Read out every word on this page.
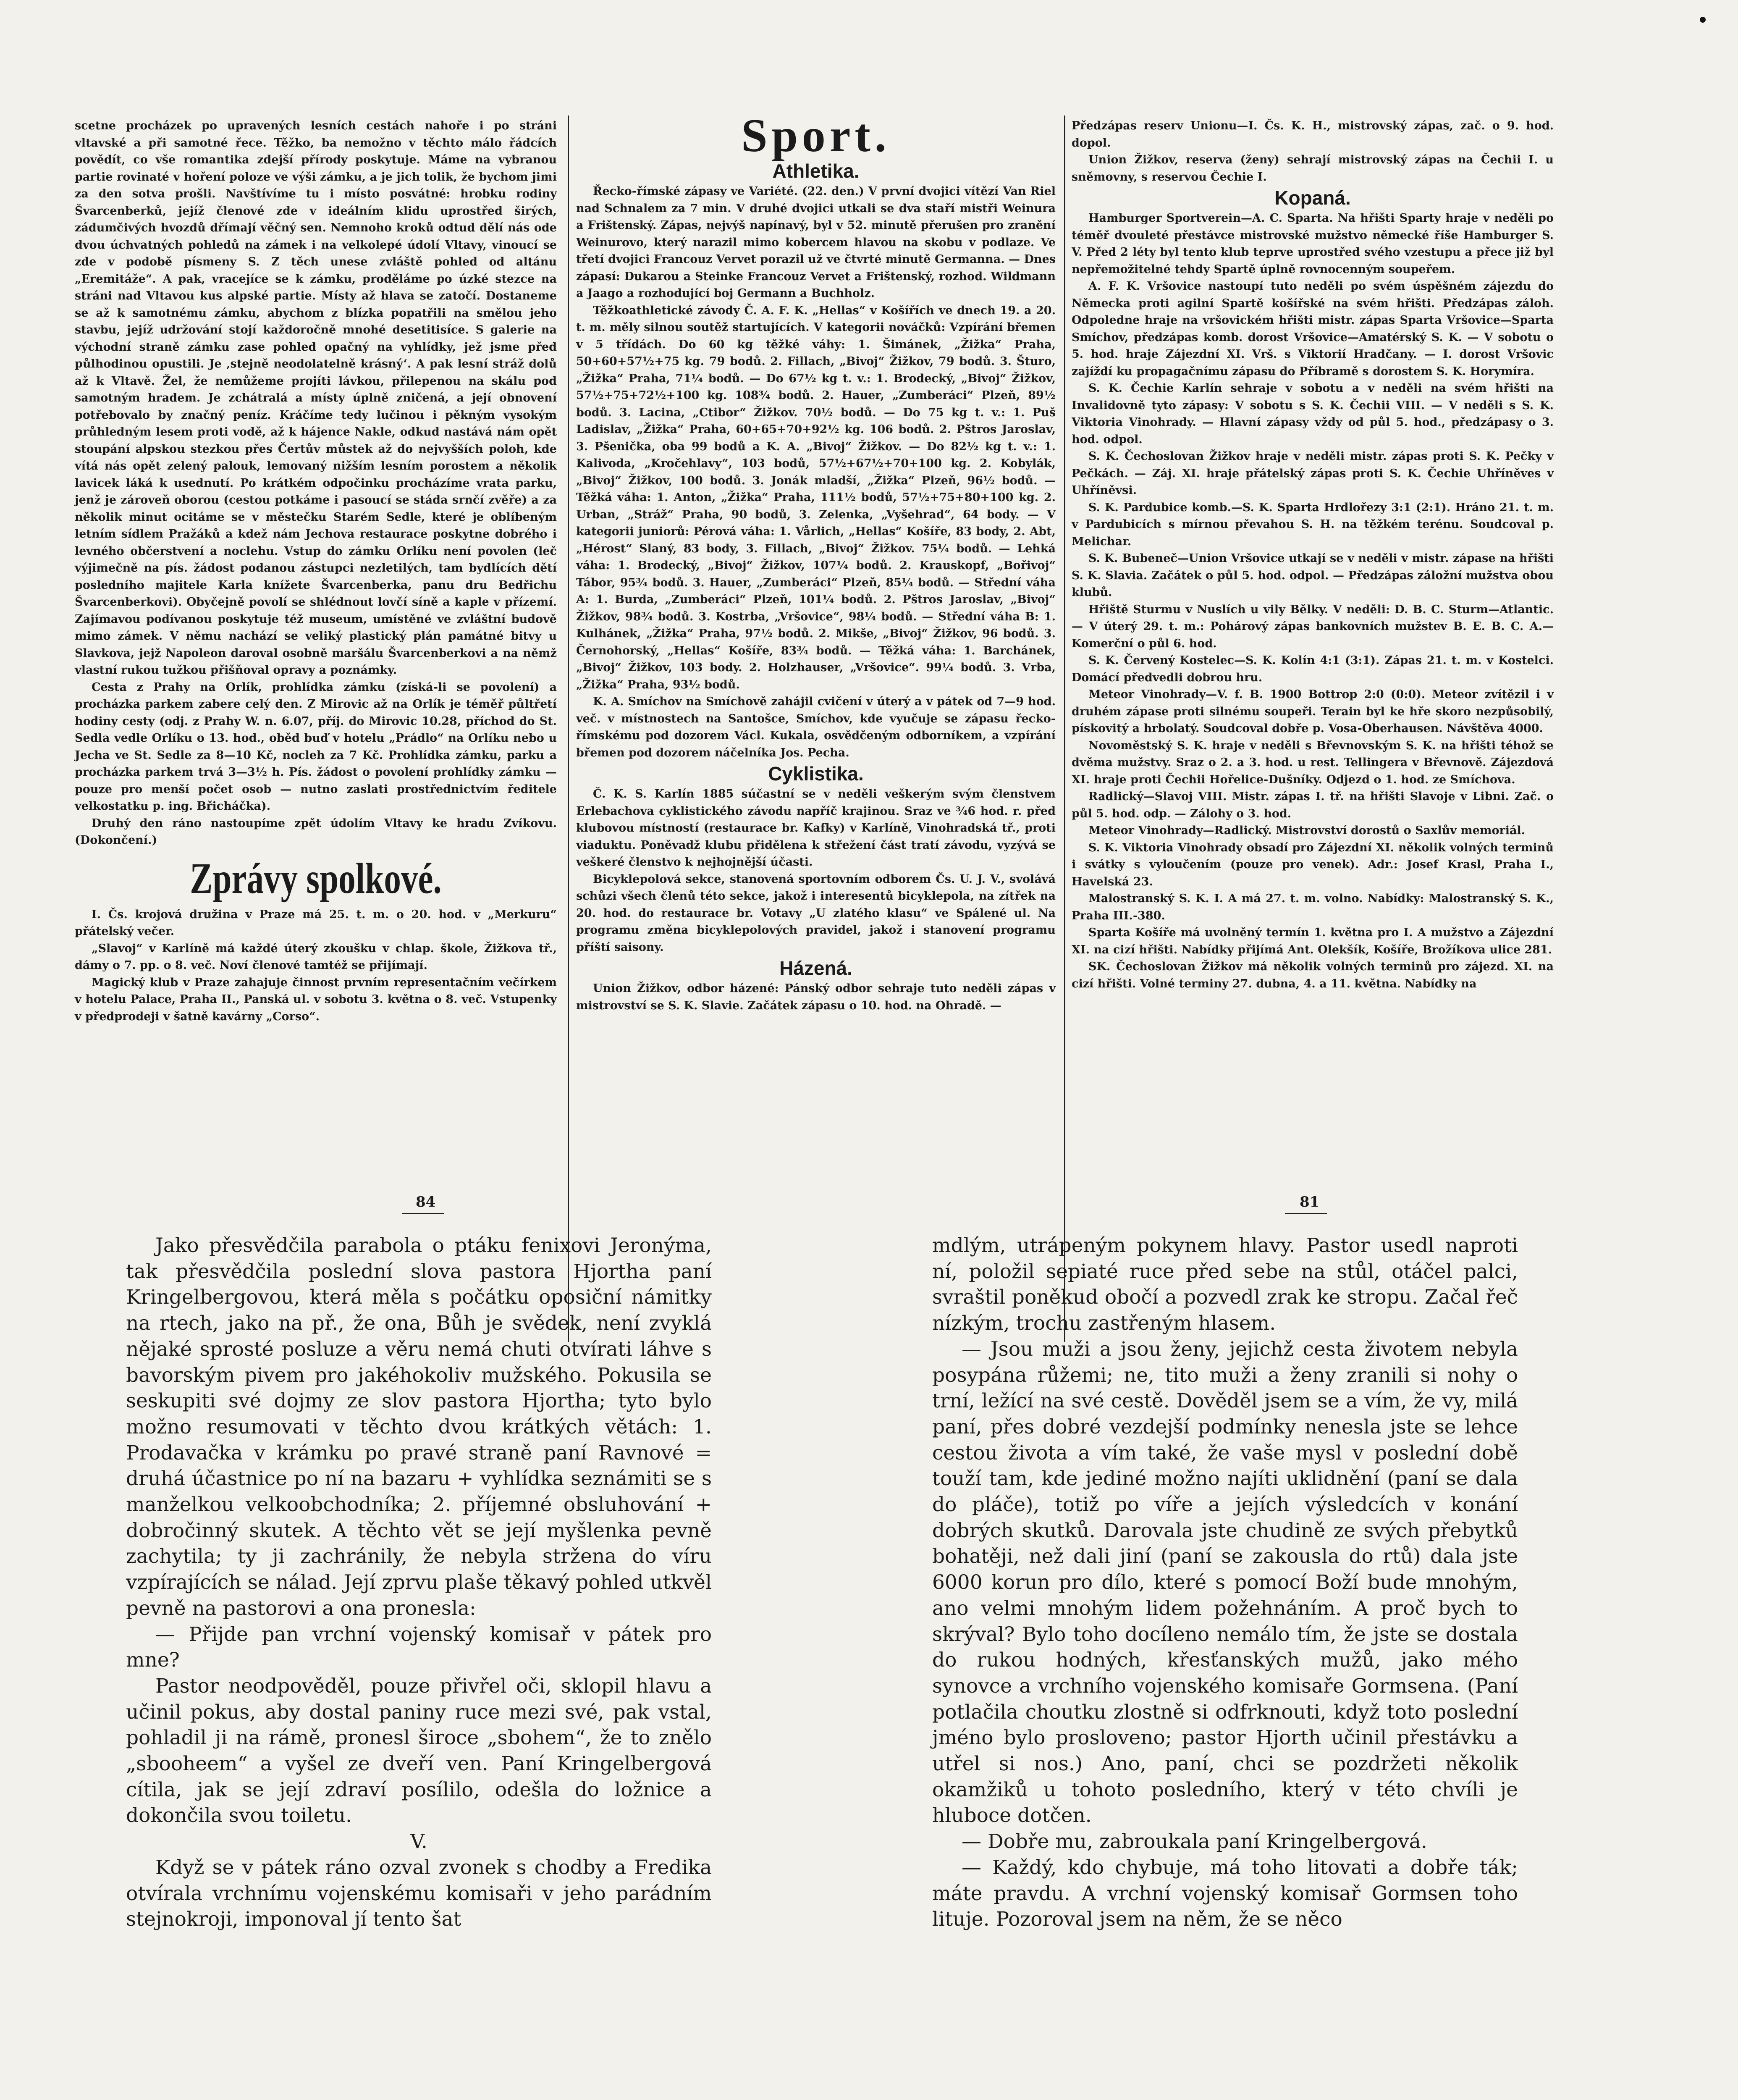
scetne procházek po upravených lesních cestách nahoře i po stráni vltavské a při samotné řece. Těžko, ba nemožno v těchto málo řádcích povědít, co vše romantika zdejší přírody poskytuje. Máme na vybranou partie rovinaté v hoření poloze ve výši zámku, a je jich tolik, že bychom jimi za den sotva prošli. Navštívíme tu i místo posvátné: hrobku rodiny Švarcenberků, jejíž členové zde v ideálním klidu uprostřed širých, zádumčivých hvozdů dřímají věčný sen. Nemnoho kroků odtud dělí nás ode dvou úchvatných pohledů na zámek i na velkolepé údolí Vltavy, vinoucí se zde v podobě písmeny S. Z těch unese zvláště pohled od altánu „Eremitáže“. A pak, vracejíce se k zámku, proděláme po úzké stezce na stráni nad Vltavou kus alpské partie. Místy až hlava se zatočí. Dostaneme se až k samotnému zámku, abychom z blízka popatřili na smělou jeho stavbu, jejíž udržování stojí každoročně mnohé desetitisíce. S galerie na východní straně zámku zase pohled opačný na vyhlídky, jež jsme před půlhodinou opustili. Je ‚stejně neodolatelně krásný‘. A pak lesní stráž dolů až k Vltavě. Žel, že nemůžeme projíti lávkou, přilepenou na skálu pod samotným hradem. Je zchátralá a místy úplně zničená, a její obnovení potřebovalo by značný peníz. Kráčíme tedy lučinou i pěkným vysokým průhledným lesem proti vodě, až k hájence Nakle, odkud nastává nám opět stoupání alpskou stezkou přes Čertův můstek až do nejvyšších poloh, kde vítá nás opět zelený palouk, lemovaný nižším lesním porostem a několik lavicek láká k usednutí. Po krátkém odpočinku procházíme vrata parku, jenž je zároveň oborou (cestou potkáme i pasoucí se stáda srnčí zvěře) a za několik minut ocitáme se v městečku Starém Sedle, které je oblíbeným letním sídlem Pražáků a kdež nám Jechova restaurace poskytne dobrého i levného občerstvení a noclehu. Vstup do zámku Orlíku není povolen (leč výjimečně na pís. žádost podanou zástupci nezletilých, tam bydlících dětí posledního majitele Karla knížete Švarcenberka, panu dru Bedřichu Švarcenberkovi). Obyčejně povolí se shlédnout lovčí síně a kaple v přízemí. Zajímavou podívanou poskytuje též museum, umístěné ve zvláštní budově mimo zámek. V němu nachází se veliký plastický plán památné bitvy u Slavkova, jejž Napoleon daroval osobně maršálu Švarcenberkovi a na němž vlastní rukou tužkou přišňoval opravy a poznámky.

Cesta z Prahy na Orlík, prohlídka zámku (získá-li se povolení) a procházka parkem zabere celý den. Z Mirovic až na Orlík je téměř půltřetí hodiny cesty (odj. z Prahy W. n. 6.07, příj. do Mirovic 10.28, příchod do St. Sedla vedle Orlíku o 13. hod., oběd buď v hotelu „Prádlo“ na Orlíku nebo u Jecha ve St. Sedle za 8—10 Kč, nocleh za 7 Kč. Prohlídka zámku, parku a procházka parkem trvá 3—3½ h. Pís. žádost o povolení prohlídky zámku — pouze pro menší počet osob — nutno zaslati prostřednictvím ředitele velkostatku p. ing. Břicháčka).

Druhý den ráno nastoupíme zpět údolím Vltavy ke hradu Zvíkovu. (Dokončení.)

Zprávy spolkové.

I. Čs. krojová družina v Praze má 25. t. m. o 20. hod. v „Merkuru“ přátelský večer.

„Slavoj“ v Karlíně má každé úterý zkoušku v chlap. škole, Žižkova tř., dámy o 7. pp. o 8. več. Noví členové tamtéž se přijímají.

Magický klub v Praze zahajuje činnost prvním representačním večírkem v hotelu Palace, Praha II., Panská ul. v sobotu 3. května o 8. več. Vstupenky v předprodeji v šatně kavárny „Corso“.

Sport.
Athletika.

Řecko-římské zápasy ve Variété. (22. den.) V první dvojici vítězí Van Riel nad Schnalem za 7 min. V druhé dvojici utkali se dva staří mistři Weinura a Frištenský. Zápas, nejvýš napínavý, byl v 52. minutě přerušen pro zranění Weinurovo, který narazil mimo kobercem hlavou na skobu v podlaze. Ve třetí dvojici Francouz Vervet porazil už ve čtvrté minutě Germanna. — Dnes zápasí: Dukarou a Steinke Francouz Vervet a Frištenský, rozhod. Wildmann a Jaago a rozhodující boj Germann a Buchholz.

Těžkoathletické závody Č. A. F. K. „Hellas“ v Košířích ve dnech 19. a 20. t. m. měly silnou soutěž startujících. V kategorii nováčků: Vzpírání břemen v 5 třídách. Do 60 kg těžké váhy: 1. Šimánek, „Žižka“ Praha, 50+60+57½+75 kg. 79 bodů. 2. Fillach, „Bivoj“ Žižkov, 79 bodů. 3. Šturo, „Žižka“ Praha, 71¼ bodů. — Do 67½ kg t. v.: 1. Brodecký, „Bivoj“ Žižkov, 57½+75+72½+100 kg. 108¾ bodů. 2. Hauer, „Zumberáci“ Plzeň, 89½ bodů. 3. Lacina, „Ctibor“ Žižkov. 70½ bodů. — Do 75 kg t. v.: 1. Puš Ladislav, „Žižka“ Praha, 60+65+70+92½ kg. 106 bodů. 2. Pštros Jaroslav, 3. Pšenička, oba 99 bodů a K. A. „Bivoj“ Žižkov. — Do 82½ kg t. v.: 1. Kalivoda, „Kročehlavy“, 103 bodů, 57½+67½+70+100 kg. 2. Kobylák, „Bivoj“ Žižkov, 100 bodů. 3. Jonák mladší, „Žižka“ Plzeň, 96½ bodů. — Těžká váha: 1. Anton, „Žižka“ Praha, 111½ bodů, 57½+75+80+100 kg. 2. Urban, „Stráž“ Praha, 90 bodů, 3. Zelenka, „Vyšehrad“, 64 body. — V kategorii juniorů: Pérová váha: 1. Vårlich, „Hellas“ Košíře, 83 body, 2. Abt, „Hérost“ Slaný, 83 body, 3. Fillach, „Bivoj“ Žižkov. 75¼ bodů. — Lehká váha: 1. Brodecký, „Bivoj“ Žižkov, 107¼ bodů. 2. Krauskopf, „Bořivoj“ Tábor, 95¾ bodů. 3. Hauer, „Zumberáci“ Plzeň, 85¼ bodů. — Střední váha A: 1. Burda, „Zumberáci“ Plzeň, 101¼ bodů. 2. Pštros Jaroslav, „Bivoj“ Žižkov, 98¾ bodů. 3. Kostrba, „Vršovice“, 98¼ bodů. — Střední váha B: 1. Kulhánek, „Žižka“ Praha, 97½ bodů. 2. Mikše, „Bivoj“ Žižkov, 96 bodů. 3. Černohorský, „Hellas“ Košíře, 83¾ bodů. — Těžká váha: 1. Barchánek, „Bivoj“ Žižkov, 103 body. 2. Holzhauser, „Vršovice“. 99¼ bodů. 3. Vrba, „Žižka“ Praha, 93½ bodů.

K. A. Smíchov na Smíchově zahájil cvičení v úterý a v pátek od 7—9 hod. več. v místnostech na Santošce, Smíchov, kde vyučuje se zápasu řecko-římskému pod dozorem Václ. Kukala, osvědčeným odborníkem, a vzpírání břemen pod dozorem náčelníka Jos. Pecha.

Cyklistika.

Č. K. S. Karlín 1885 súčastní se v neděli veškerým svým členstvem Erlebachova cyklistického závodu napříč krajinou. Sraz ve ¾6 hod. r. před klubovou místností (restaurace br. Kafky) v Karlíně, Vinohradská tř., proti viaduktu. Poněvadž klubu přidělena k střežení část tratí závodu, vyzývá se veškeré členstvo k nejhojnější účasti.

Bicyklepolová sekce, stanovená sportovním odborem Čs. U. J. V., svolává schůzi všech členů této sekce, jakož i interesentů bicyklepola, na zítřek na 20. hod. do restaurace br. Votavy „U zlatého klasu“ ve Spálené ul. Na programu změna bicyklepolových pravidel, jakož i stanovení programu příští saisony.

Házená.

Union Žižkov, odbor házené: Pánský odbor sehraje tuto neděli zápas v mistrovství se S. K. Slavie. Začátek zápasu o 10. hod. na Ohradě. —

Předzápas reserv Unionu—I. Čs. K. H., mistrovský zápas, zač. o 9. hod. dopol.

Union Žižkov, reserva (ženy) sehrají mistrovský zápas na Čechii I. u sněmovny, s reservou Čechie I.

Kopaná.

Hamburger Sportverein—A. C. Sparta. Na hřišti Sparty hraje v neděli po téměř dvouleté přestávce mistrovské mužstvo německé říše Hamburger S. V. Před 2 léty byl tento klub teprve uprostřed svého vzestupu a přece již byl nepřemožitelné tehdy Spartě úplně rovnocenným soupeřem.

A. F. K. Vršovice nastoupí tuto neděli po svém úspěšném zájezdu do Německa proti agilní Spartě košířské na svém hřišti. Předzápas záloh. Odpoledne hraje na vršovickém hřišti mistr. zápas Sparta Vršovice—Sparta Smíchov, předzápas komb. dorost Vršovice—Amatérský S. K. — V sobotu o 5. hod. hraje Zájezdní XI. Vrš. s Viktorií Hradčany. — I. dorost Vršovic zajíždí ku propagačnímu zápasu do Příbramě s dorostem S. K. Horymíra.

S. K. Čechie Karlín sehraje v sobotu a v neděli na svém hřišti na Invalidovně tyto zápasy: V sobotu s S. K. Čechii VIII. — V neděli s S. K. Viktoria Vinohrady. — Hlavní zápasy vždy od půl 5. hod., předzápasy o 3. hod. odpol.

S. K. Čechoslovan Žižkov hraje v neděli mistr. zápas proti S. K. Pečky v Pečkách. — Záj. XI. hraje přátelský zápas proti S. K. Čechie Uhříněves v Uhříněvsi.

S. K. Pardubice komb.—S. K. Sparta Hrdlořezy 3:1 (2:1). Hráno 21. t. m. v Pardubicích s mírnou převahou S. H. na těžkém terénu. Soudcoval p. Melichar.

S. K. Bubeneč—Union Vršovice utkají se v neděli v mistr. zápase na hřišti S. K. Slavia. Začátek o půl 5. hod. odpol. — Předzápas záložní mužstva obou klubů.

Hřiště Sturmu v Nuslích u vily Bělky. V neděli: D. B. C. Sturm—Atlantic. — V úterý 29. t. m.: Pohárový zápas bankovních mužstev B. E. B. C. A.—Komerční o půl 6. hod.

S. K. Červený Kostelec—S. K. Kolín 4:1 (3:1). Zápas 21. t. m. v Kostelci. Domácí předvedli dobrou hru.

Meteor Vinohrady—V. f. B. 1900 Bottrop 2:0 (0:0). Meteor zvítězil i v druhém zápase proti silnému soupeři. Terain byl ke hře skoro nezpůsobilý, pískovitý a hrbolatý. Soudcoval dobře p. Vosa-Oberhausen. Návštěva 4000.

Novoměstský S. K. hraje v neděli s Břevnovským S. K. na hřišti téhož se dvěma mužstvy. Sraz o 2. a 3. hod. u rest. Tellingera v Břevnově. Zájezdová XI. hraje proti Čechii Hořelice-Dušníky. Odjezd o 1. hod. ze Smíchova.

Radlický—Slavoj VIII. Mistr. zápas I. tř. na hřišti Slavoje v Libni. Zač. o půl 5. hod. odp. — Zálohy o 3. hod.

Meteor Vinohrady—Radlický. Mistrovství dorostů o Saxlův memoriál.

S. K. Viktoria Vinohrady obsadí pro Zájezdní XI. několik volných terminů i svátky s vyloučením (pouze pro venek). Adr.: Josef Krasl, Praha I., Havelská 23.

Malostranský S. K. I. A má 27. t. m. volno. Nabídky: Malostranský S. K., Praha III.-380.

Sparta Košíře má uvolněný termín 1. května pro I. A mužstvo a Zájezdní XI. na cizí hřišti. Nabídky přijímá Ant. Olekšík, Košíře, Brožíkova ulice 281.

SK. Čechoslovan Žižkov má několik volných terminů pro zájezd. XI. na cizí hřišti. Volné terminy 27. dubna, 4. a 11. května. Nabídky na

84	81

Jako přesvědčila parabola o ptáku fenixovi Jeronýma, tak přesvědčila poslední slova pastora Hjortha paní Kringelbergovou, která měla s počátku oposiční námitky na rtech, jako na př., že ona, Bůh je svědek, není zvyklá nějaké sprosté posluze a věru nemá chuti otvírati láhve s bavorským pivem pro jakéhokoliv mužského. Pokusila se seskupiti své dojmy ze slov pastora Hjortha; tyto bylo možno resumovati v těchto dvou krátkých větách: 1. Prodavačka v krámku po pravé straně paní Ravnové = druhá účastnice po ní na bazaru + vyhlídka seznámiti se s manželkou velkoobchodníka; 2. příjemné obsluhování + dobročinný skutek. A těchto vět se její myšlenka pevně zachytila; ty ji zachránily, že nebyla stržena do víru vzpírajících se nálad. Její zprvu plaše těkavý pohled utkvěl pevně na pastorovi a ona pronesla:

— Přijde pan vrchní vojenský komisař v pátek pro mne?

Pastor neodpověděl, pouze přivřel oči, sklopil hlavu a učinil pokus, aby dostal paniny ruce mezi své, pak vstal, pohladil ji na rámě, pronesl široce „sbohem“, že to znělo „sbooheem“ a vyšel ze dveří ven. Paní Kringelbergová cítila, jak se její zdraví posílilo, odešla do ložnice a dokončila svou toiletu.

V.

Když se v pátek ráno ozval zvonek s chodby a Fredika otvírala vrchnímu vojenskému komisaři v jeho parádním stejnokroji, imponoval jí tento šat

mdlým, utrápeným pokynem hlavy. Pastor usedl naproti ní, položil sepiaté ruce před sebe na stůl, otáčel palci, svraštil poněkud obočí a pozvedl zrak ke stropu. Začal řeč nízkým, trochu zastřeným hlasem.

— Jsou muži a jsou ženy, jejichž cesta životem nebyla posypána růžemi; ne, tito muži a ženy zranili si nohy o trní, ležící na své cestě. Dověděl jsem se a vím, že vy, milá paní, přes dobré vezdejší podmínky nenesla jste se lehce cestou života a vím také, že vaše mysl v poslední době touží tam, kde jediné možno najíti uklidnění (paní se dala do pláče), totiž po víře a jejích výsledcích v konání dobrých skutků. Darovala jste chudině ze svých přebytků bohatěji, než dali jiní (paní se zakousla do rtů) dala jste 6000 korun pro dílo, které s pomocí Boží bude mnohým, ano velmi mnohým lidem požehnáním. A proč bych to skrýval? Bylo toho docíleno nemálo tím, že jste se dostala do rukou hodných, křesťanských mužů, jako mého synovce a vrchního vojenského komisaře Gormsena. (Paní potlačila choutku zlostně si odfrknouti, když toto poslední jméno bylo prosloveno; pastor Hjorth učinil přestávku a utřel si nos.) Ano, paní, chci se pozdržeti několik okamžiků u tohoto posledního, který v této chvíli je hluboce dotčen.

— Dobře mu, zabroukala paní Kringelbergová.

— Každý, kdo chybuje, má toho litovati a dobře ták; máte pravdu. A vrchní vojenský komisař Gormsen toho lituje. Pozoroval jsem na něm, že se něco
